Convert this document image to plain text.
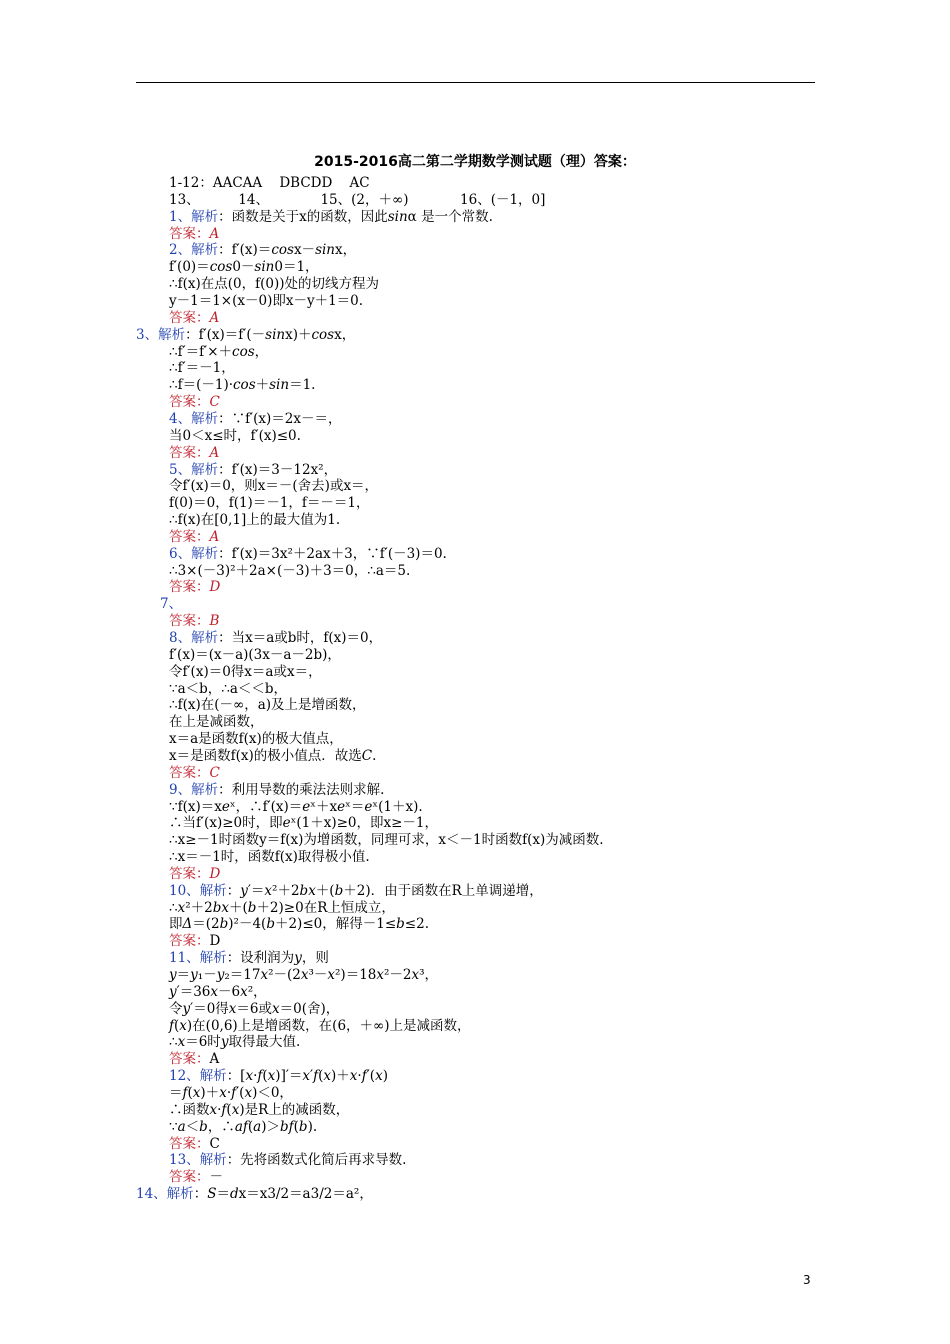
2015-2016高二第二学期数学测试题（理）答案：
1-12：AACAA    DBCDD    AC
13、         14、            15、(2，＋∞)            16、(－1，0]
1、解析：函数是关于x的函数，因此sinα 是一个常数.
答案：A
2、解析：f′(x)＝cosx－sinx，
f′(0)＝cos0－sin0＝1，
∴f(x)在点(0，f(0))处的切线方程为
y－1＝1×(x－0)即x－y＋1＝0.
答案：A
3、解析：f′(x)＝f′(－sinx)＋cosx，
∴f′＝f′×＋cos，
∴f′＝－1，
∴f＝(－1)·cos＋sin＝1.
答案：C
4、解析：∵f′(x)＝2x－＝，
当0＜x≤时，f′(x)≤0.
答案：A
5、解析：f′(x)＝3－12x²，
令f′(x)＝0，则x＝－(舍去)或x＝，
f(0)＝0，f(1)＝－1，f＝－＝1，
∴f(x)在[0,1]上的最大值为1.
答案：A
6、解析：f′(x)＝3x²＋2ax＋3，∵f′(－3)＝0.
∴3×(－3)²＋2a×(－3)＋3＝0，∴a＝5.
答案：D
7、
答案：B
8、解析：当x＝a或b时，f(x)＝0，
f′(x)＝(x－a)(3x－a－2b)，
令f′(x)＝0得x＝a或x＝，
∵a＜b，∴a＜＜b，
∴f(x)在(－∞，a)及上是增函数，
在上是减函数，
x＝a是函数f(x)的极大值点，
x＝是函数f(x)的极小值点．故选C.
答案：C
9、解析：利用导数的乘法法则求解.
∵f(x)＝xeˣ，∴f′(x)＝eˣ＋xeˣ＝eˣ(1＋x).
∴当f′(x)≥0时，即eˣ(1＋x)≥0，即x≥－1，
∴x≥－1时函数y＝f(x)为增函数，同理可求，x＜－1时函数f(x)为减函数.
∴x＝－1时，函数f(x)取得极小值.
答案：D
10、解析：y′＝x²＋2bx＋(b＋2)．由于函数在R上单调递增，
∴x²＋2bx＋(b＋2)≥0在R上恒成立，
即Δ＝(2b)²－4(b＋2)≤0，解得－1≤b≤2.
答案：D
11、解析：设利润为y，则
y＝y₁－y₂＝17x²－(2x³－x²)＝18x²－2x³，
y′＝36x－6x²，
令y′＝0得x＝6或x＝0(舍)，
f(x)在(0,6)上是增函数，在(6，＋∞)上是减函数，
∴x＝6时y取得最大值.
答案：A
12、解析：[x·f(x)]′＝x′f(x)＋x·f′(x)
＝f(x)＋x·f′(x)＜0，
∴函数x·f(x)是R上的减函数，
∵a＜b，∴af(a)＞bf(b).
答案：C
13、解析：先将函数式化简后再求导数.
答案：－
14、解析：S＝dx＝x3/2＝a3/2＝a²，
3
